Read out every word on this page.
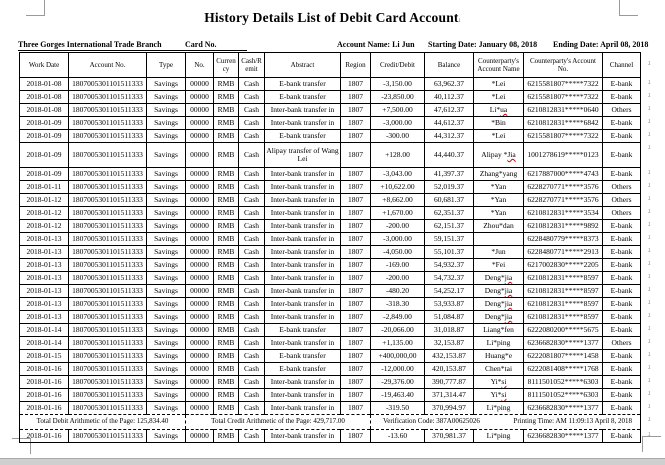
History Details List of Debit Card Accountı
Three Gorges International Trade Branch	Card No.	Account Name: Li Jun Starting Date: January 08, 2018 Ending Date: April 08, 2018
Work Date	Account No.	Type	No.	Currency	Cash/Remit	Abstract	Region	Credit/Debit	Balance	Counterparty's Account Name	Counterparty's Account No.	Channel .1

2018-01-08	1807005301101511333	Savings	00000	RMB	Cash	E-bank transfer	1807	-3,150.00	63,962.37	*Lei	6215581807*****7322	E-bank .1

2018-01-08	1807005301101511333	Savings	00000	RMB	Cash	E-bank transfer	1807	-23,850.00	40,112.37	*Lei	6215581807*****7322	E-bank .1

2018-01-08	1807005301101511333	Savings	00000	RMB	Cash	Inter-bank transfer in	1807	+7,500.00	47,612.37	Li*ua	6210812831*****0640	Others .1

2018-01-09	1807005301101511333	Savings	00000	RMB	Cash	Inter-bank transfer in	1807	-3,000.00	44,612.37	*Bin	6210812831*****6842	E-bank .1

2018-01-09	1807005301101511333	Savings	00000	RMB	Cash	E-bank transfer	1807	-300.00	44,312.37	*Lei	6215581807*****7322	E-bank .1

2018-01-09	1807005301101511333	Savings	00000	RMB	Cash	Alipay transfer of Wang Lei	1807	+128.00	44,440.37	Alipay *Jia	1001278619*****0123	E-bank
.1

2018-01-09	1807005301101511333	Savings	00000	RMB	Cash	Inter-bank transfer in	1807	-3,043.00	41,397.37	Zhang*yang	6217887000*****4743	E-bank .1

2018-01-11	1807005301101511333	Savings	00000	RMB	Cash	Inter-bank transfer in	1807	+10,622.00	52,019.37	*Yan	6228270771*****3576	Others .1

2018-01-12	1807005301101511333	Savings	00000	RMB	Cash	Inter-bank transfer in	1807	+8,662.00	60,681.37	*Yan	6228270771*****3576	Others .1

2018-01-12	1807005301101511333	Savings	00000	RMB	Cash	Inter-bank transfer in	1807	+1,670.00	62,351.37	*Yan	6210812831*****3534	Others .1

2018-01-12	1807005301101511333	Savings	00000	RMB	Cash	Inter-bank transfer in	1807	-200.00	62,151.37	Zhou*dan	6210812831*****9892	E-bank .1

2018-01-13	1807005301101511333	Savings	00000	RMB	Cash	Inter-bank transfer in	1807	-3,000.00	59,151.37		6228480779*****8373	E-bank .1

2018-01-13	1807005301101511333	Savings	00000	RMB	Cash	Inter-bank transfer in	1807	-4,050.00	55,101.37	*Jun	6228480771*****2913	E-bank .1

2018-01-13	1807005301101511333	Savings	00000	RMB	Cash	Inter-bank transfer in	1807	-169.00	54,932.37	*Fei	6217002830*****2205	E-bank .1

2018-01-13	1807005301101511333	Savings	00000	RMB	Cash	Inter-bank transfer in	1807	-200.00	54,732.37	Deng*jia	6210812831*****8597	E-bank .1

2018-01-13	1807005301101511333	Savings	00000	RMB	Cash	Inter-bank transfer in	1807	-480.20	54,252.17	Deng*jia	6210812831*****8597	E-bank .1

2018-01-13	1807005301101511333	Savings	00000	RMB	Cash	Inter-bank transfer in	1807	-318.30	53,933.87	Deng*jia	6210812831*****8597	E-bank .1

2018-01-13	1807005301101511333	Savings	00000	RMB	Cash	Inter-bank transfer in	1807	-2,849.00	51,084.87	Deng*jia	6210812831*****8597	E-bank .1

2018-01-14	1807005301101511333	Savings	00000	RMB	Cash	E-bank transfer	1807	-20,066.00	31,018.87	Liang*fen	6222080200*****5675	E-bank .1

2018-01-14	1807005301101511333	Savings	00000	RMB	Cash	Inter-bank transfer in	1807	+1,135.00	32,153.87	Li*ping	6236682830*****1377	Others .1

2018-01-15	1807005301101511333	Savings	00000	RMB	Cash	E-bank transfer	1807	+400,000,00	432,153.87	Huang*e	6222081807*****1458	E-bank .1

2018-01-16	1807005301101511333	Savings	00000	RMB	Cash	E-bank transfer	1807	-12,000.00	420,153.87	Chen*tai	6222081408*****1768	E-bank .1

2018-01-16	1807005301101511333	Savings	00000	RMB	Cash	Inter-bank transfer in	1807	-29,376.00	390,777.87	Yi*si	8111501052*****6303	E-bank .1

2018-01-16	1807005301101511333	Savings	00000	RMB	Cash	Inter-bank transfer in	1807	-19,463.40	371,314.47	Yi*si	8111501052*****6303	E-bank .1

2018-01-16	1807005301101511333	Savings	00000	RMB	Cash	Inter-bank transfer in	1807	-319.50	370,994.97	Li*ping	6236682830*****1377	E-bank .1

Total Debit Arithmetic of the Page: 125,834.40			Total Credit Arithmetic of the Page: 429,717.00					Verification Code: 387A00625026 Printing Time: AM 11:09:13 April 8, 2018 .1				

2018-01-16	1807005301101511333	Savings	00000	RMB	Cash	Inter-bank transfer in	1807	-13.60	370,981.37	Li*ping	6236682830*****1377	E-bank .1
